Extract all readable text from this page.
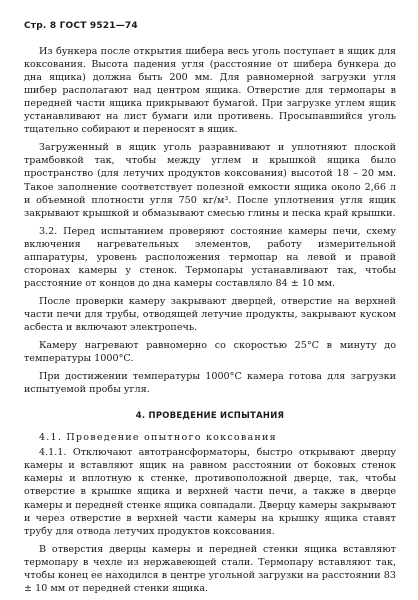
Стр. 8 ГОСТ 9521—74

Из бункера после открытия шибера весь уголь поступает в ящик для коксования. Высота падения угля (расстояние от шибера бункера до дна ящика) должна быть 200 мм. Для равномерной загрузки угля шибер располагают над центром ящика. Отверстие для термопары в передней части ящика прикрывают бумагой. При загрузке углем ящик устанавливают на лист бумаги или противень. Просыпавшийся уголь тщательно собирают и переносят в ящик.

Загруженный в ящик уголь разравнивают и уплотняют плоской трамбовкой так, чтобы между углем и крышкой ящика было пространство (для летучих продуктов коксования) высотой 18 – 20 мм. Такое заполнение соответствует полезной емкости ящика около 2,66 л и объемной плотности угля 750 кг/м³. После уплотнения угля ящик закрывают крышкой и обмазывают смесью глины и песка край крышки.

3.2. Перед испытанием проверяют состояние камеры печи, схему включения нагревательных элементов, работу измерительной аппаратуры, уровень расположения термопар на левой и правой сторонах камеры у стенок. Термопары устанавливают так, чтобы расстояние от концов до дна камеры составляло 84 ± 10 мм.

После проверки камеру закрывают дверцей, отверстие на верхней части печи для трубы, отводящей летучие продукты, закрывают куском асбеста и включают электропечь.

Камеру нагревают равномерно со скоростью 25°C в минуту до температуры 1000°C.

При достижении температуры 1000°C камера готова для загрузки испытуемой пробы угля.

4. ПРОВЕДЕНИЕ ИСПЫТАНИЯ

4.1. Проведение опытного коксования

4.1.1. Отключают автотрансформаторы, быстро открывают дверцу камеры и вставляют ящик на равном расстоянии от боковых стенок камеры и вплотную к стенке, противоположной дверце, так, чтобы отверстие в крышке ящика и верхней части печи, а также в дверце камеры и передней стенке ящика совпадали. Дверцу камеры закрывают и через отверстие в верхней части камеры на крышку ящика ставят трубу для отвода летучих продуктов коксования.

В отверстия дверцы камеры и передней стенки ящика вставляют термопару в чехле из нержавеющей стали. Термопару вставляют так, чтобы конец ее находился в центре угольной загрузки на расстоянии 83 ± 10 мм от передней стенки ящика.
